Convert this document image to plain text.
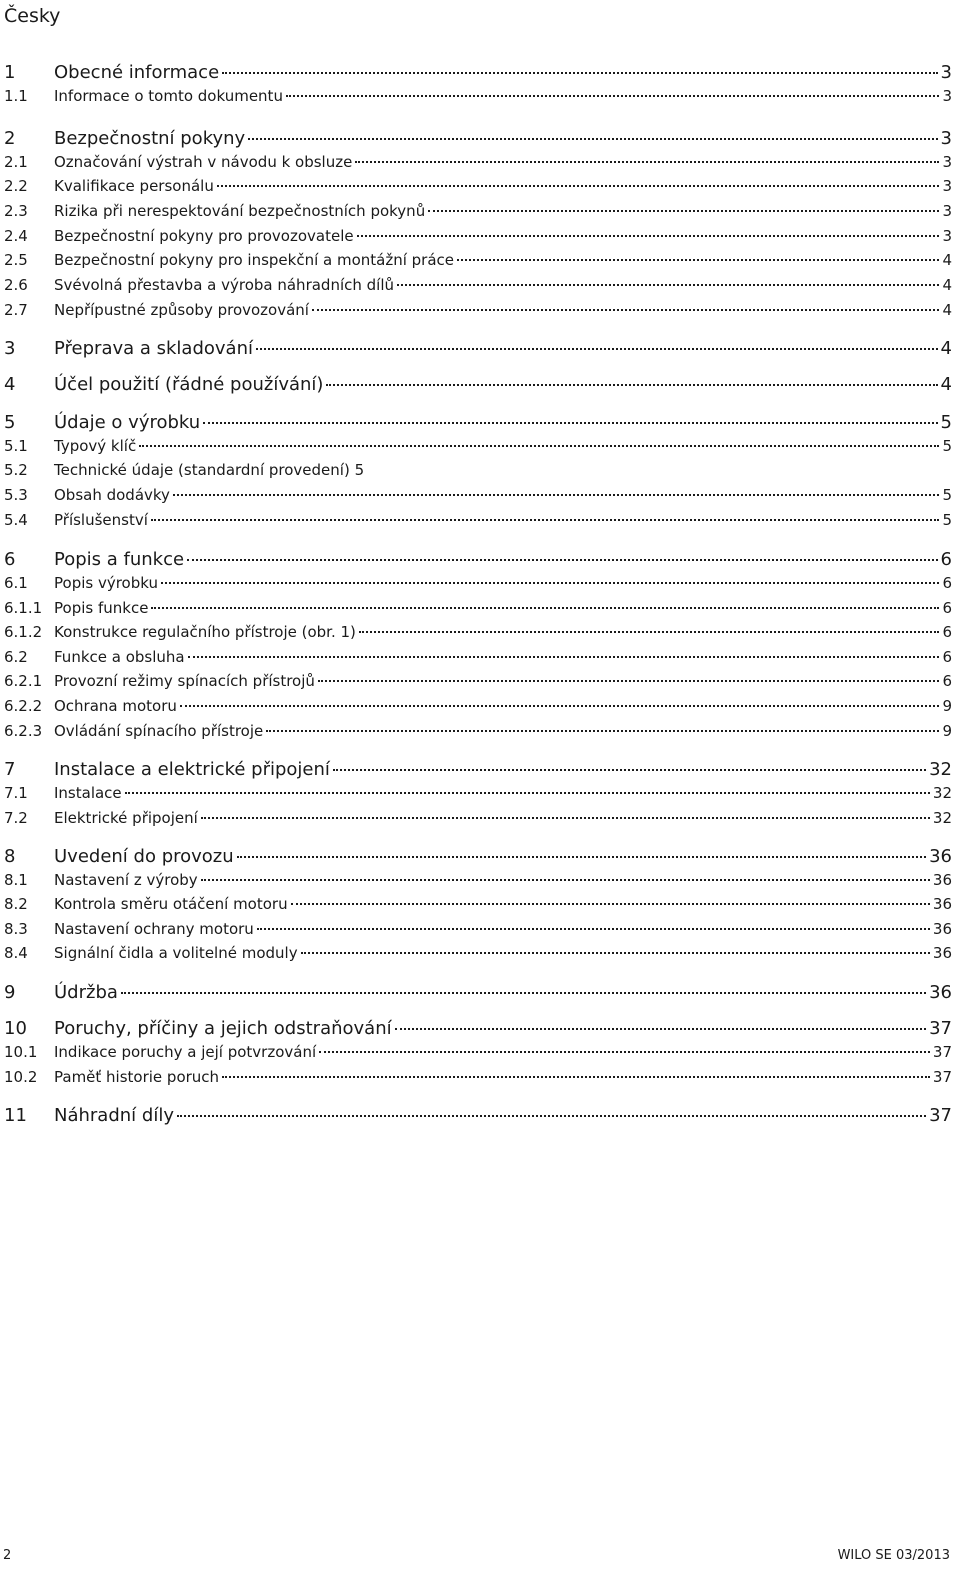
Česky
1	Obecné informace	3
1.1	Informace o tomto dokumentu	3
2	Bezpečnostní pokyny	3
2.1	Označování výstrah v návodu k obsluze	3
2.2	Kvalifikace personálu	3
2.3	Rizika při nerespektování bezpečnostních pokynů	3
2.4	Bezpečnostní pokyny pro provozovatele	3
2.5	Bezpečnostní pokyny pro inspekční a montážní práce	4
2.6	Svévolná přestavba a výroba náhradních dílů	4
2.7	Nepřípustné způsoby provozování	4
3	Přeprava a skladování	4
4	Účel použití (řádné používání)	4
5	Údaje o výrobku	5
5.1	Typový klíč	5
5.2	Technické údaje (standardní provedení) 5
5.3	Obsah dodávky	5
5.4	Příslušenství	5
6	Popis a funkce	6
6.1	Popis výrobku	6
6.1.1 Popis funkce	6
6.1.2 Konstrukce regulačního přístroje (obr. 1)	6
6.2	Funkce a obsluha	6
6.2.1 Provozní režimy spínacích přístrojů	6
6.2.2 Ochrana motoru	9
6.2.3 Ovládání spínacího přístroje	9
7	Instalace a elektrické připojení	32
7.1	Instalace	32
7.2	Elektrické připojení	32
8	Uvedení do provozu	36
8.1	Nastavení z výroby	36
8.2	Kontrola směru otáčení motoru	36
8.3	Nastavení ochrany motoru	36
8.4	Signální čidla a volitelné moduly	36
9	Údržba	36
10	Poruchy, příčiny a jejich odstraňování	37
10.1	Indikace poruchy a její potvrzování	37
10.2	Paměť historie poruch	37
11	Náhradní díly	37
2	WILO SE 03/2013
